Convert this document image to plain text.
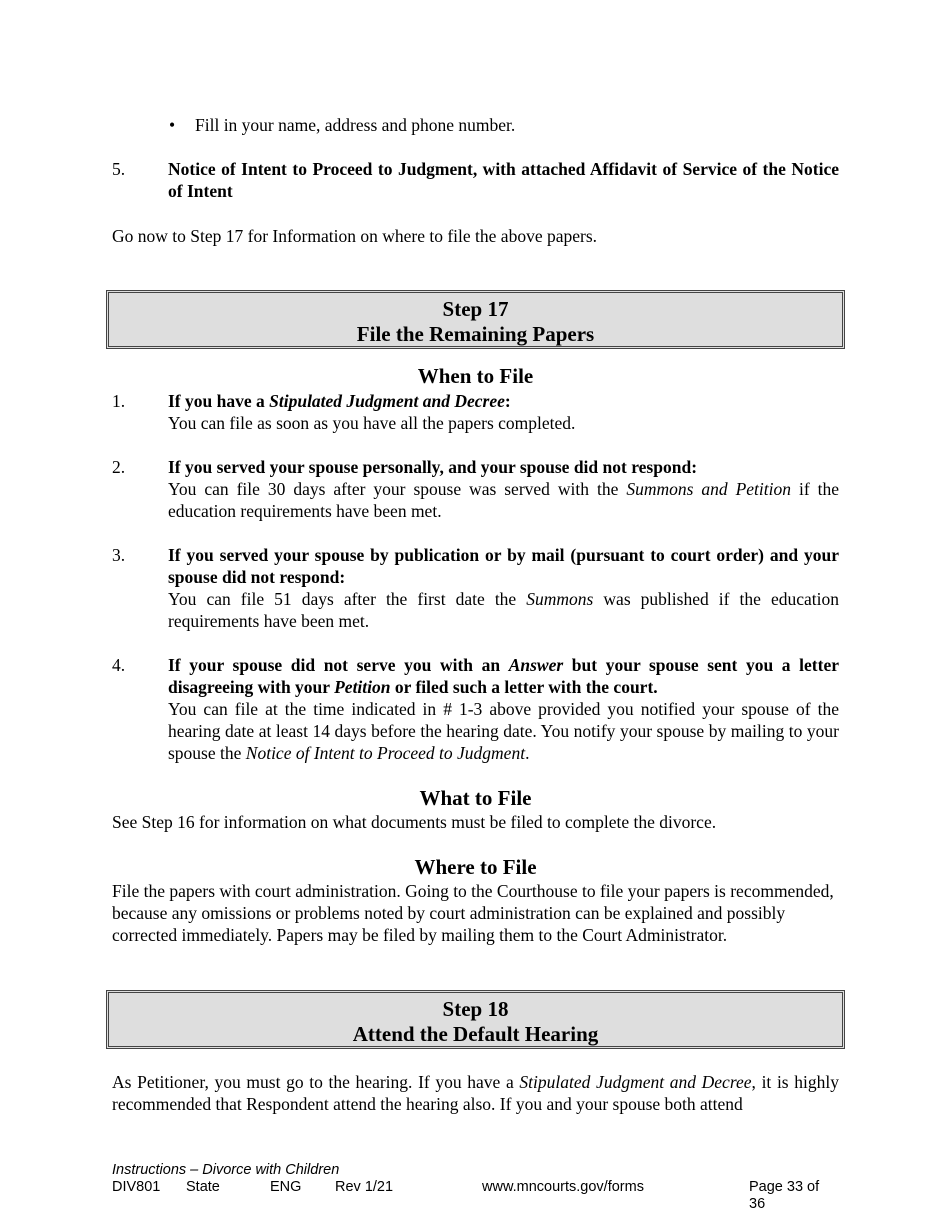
• Fill in your name, address and phone number.
5.	Notice of Intent to Proceed to Judgment, with attached Affidavit of Service of the Notice of Intent

Go now to Step 17 for Information on where to file the above papers.

Step 17
File the Remaining Papers
When to File
1.	If you have a Stipulated Judgment and Decree:

You can file as soon as you have all the papers completed.

2.	If you served your spouse personally, and your spouse did not respond:

You can file 30 days after your spouse was served with the Summons and Petition if the education requirements have been met.

3.	If you served your spouse by publication or by mail (pursuant to court order) and your spouse did not respond:

You can file 51 days after the first date the Summons was published if the education requirements have been met.

4.	If your spouse did not serve you with an Answer but your spouse sent you a letter disagreeing with your Petition or filed such a letter with the court.

You can file at the time indicated in # 1-3 above provided you notified your spouse of the hearing date at least 14 days before the hearing date. You notify your spouse by mailing to your spouse the Notice of Intent to Proceed to Judgment.

What to File

See Step 16 for information on what documents must be filed to complete the divorce.

Where to File

File the papers with court administration. Going to the Courthouse to file your papers is recommended, because any omissions or problems noted by court administration can be explained and possibly corrected immediately. Papers may be filed by mailing them to the Court Administrator.

Step 18
Attend the Default Hearing

As Petitioner, you must go to the hearing. If you have a Stipulated Judgment and Decree, it is highly recommended that Respondent attend the hearing also. If you and your spouse both attend

Instructions – Divorce with Children
DIV801 State	ENG Rev 1/21	www.mncourts.gov/forms	Page 33 of 36
